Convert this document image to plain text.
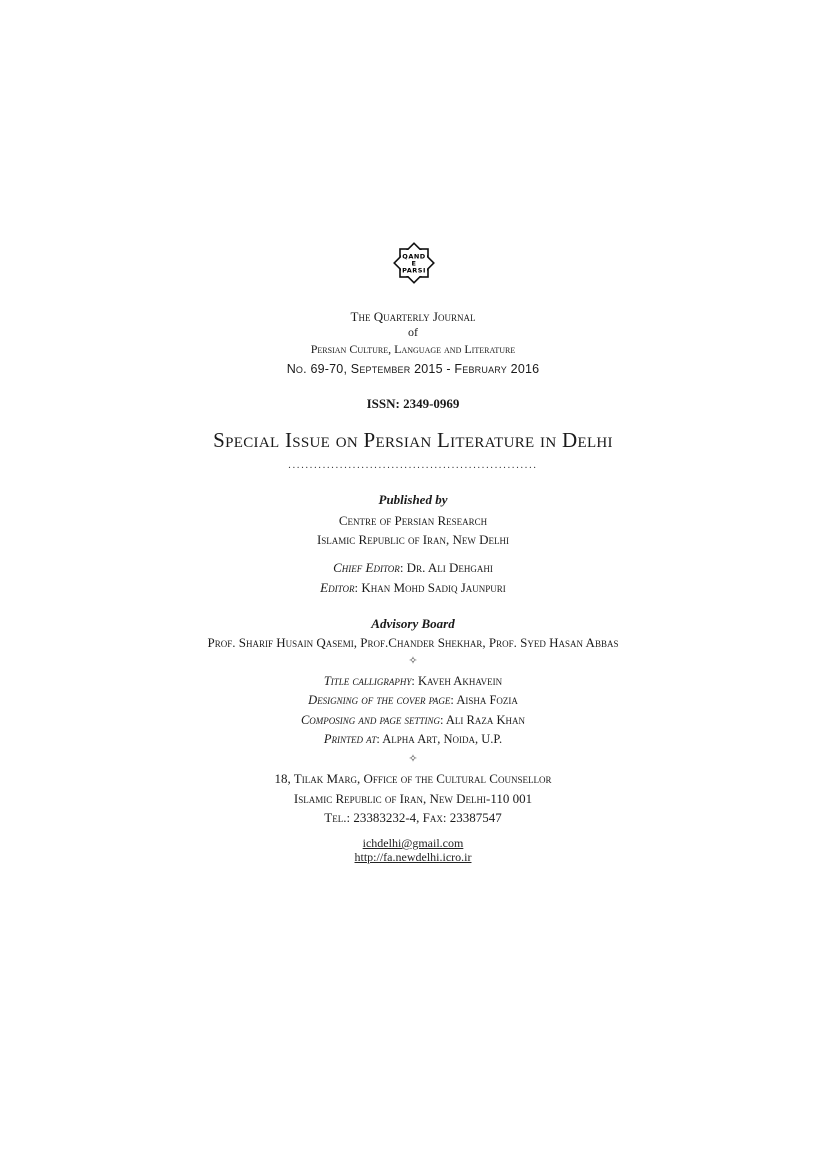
QAND
E
PARSI
The Quarterly Journal
of
Persian Culture, Language and Literature
No. 69-70, September 2015 - February 2016
ISSN: 2349-0969
Special Issue on Persian Literature in Delhi
..........................................................
Published by
Centre of Persian Research
Islamic Republic of Iran, New Delhi
Chief Editor: Dr. Ali Dehgahi
Editor: Khan Mohd Sadiq Jaunpuri
Advisory Board
Prof. Sharif Husain Qasemi, Prof.Chander Shekhar, Prof. Syed Hasan Abbas
✧
Title calligraphy: Kaveh Akhavein
Designing of the cover page: Aisha Fozia
Composing and page setting: Ali Raza Khan
Printed at: Alpha Art, Noida, U.P.
✧
18, Tilak Marg, Office of the Cultural Counsellor
Islamic Republic of Iran, New Delhi-110 001
Tel.: 23383232-4, Fax: 23387547
ichdelhi@gmail.com
http://fa.newdelhi.icro.ir
